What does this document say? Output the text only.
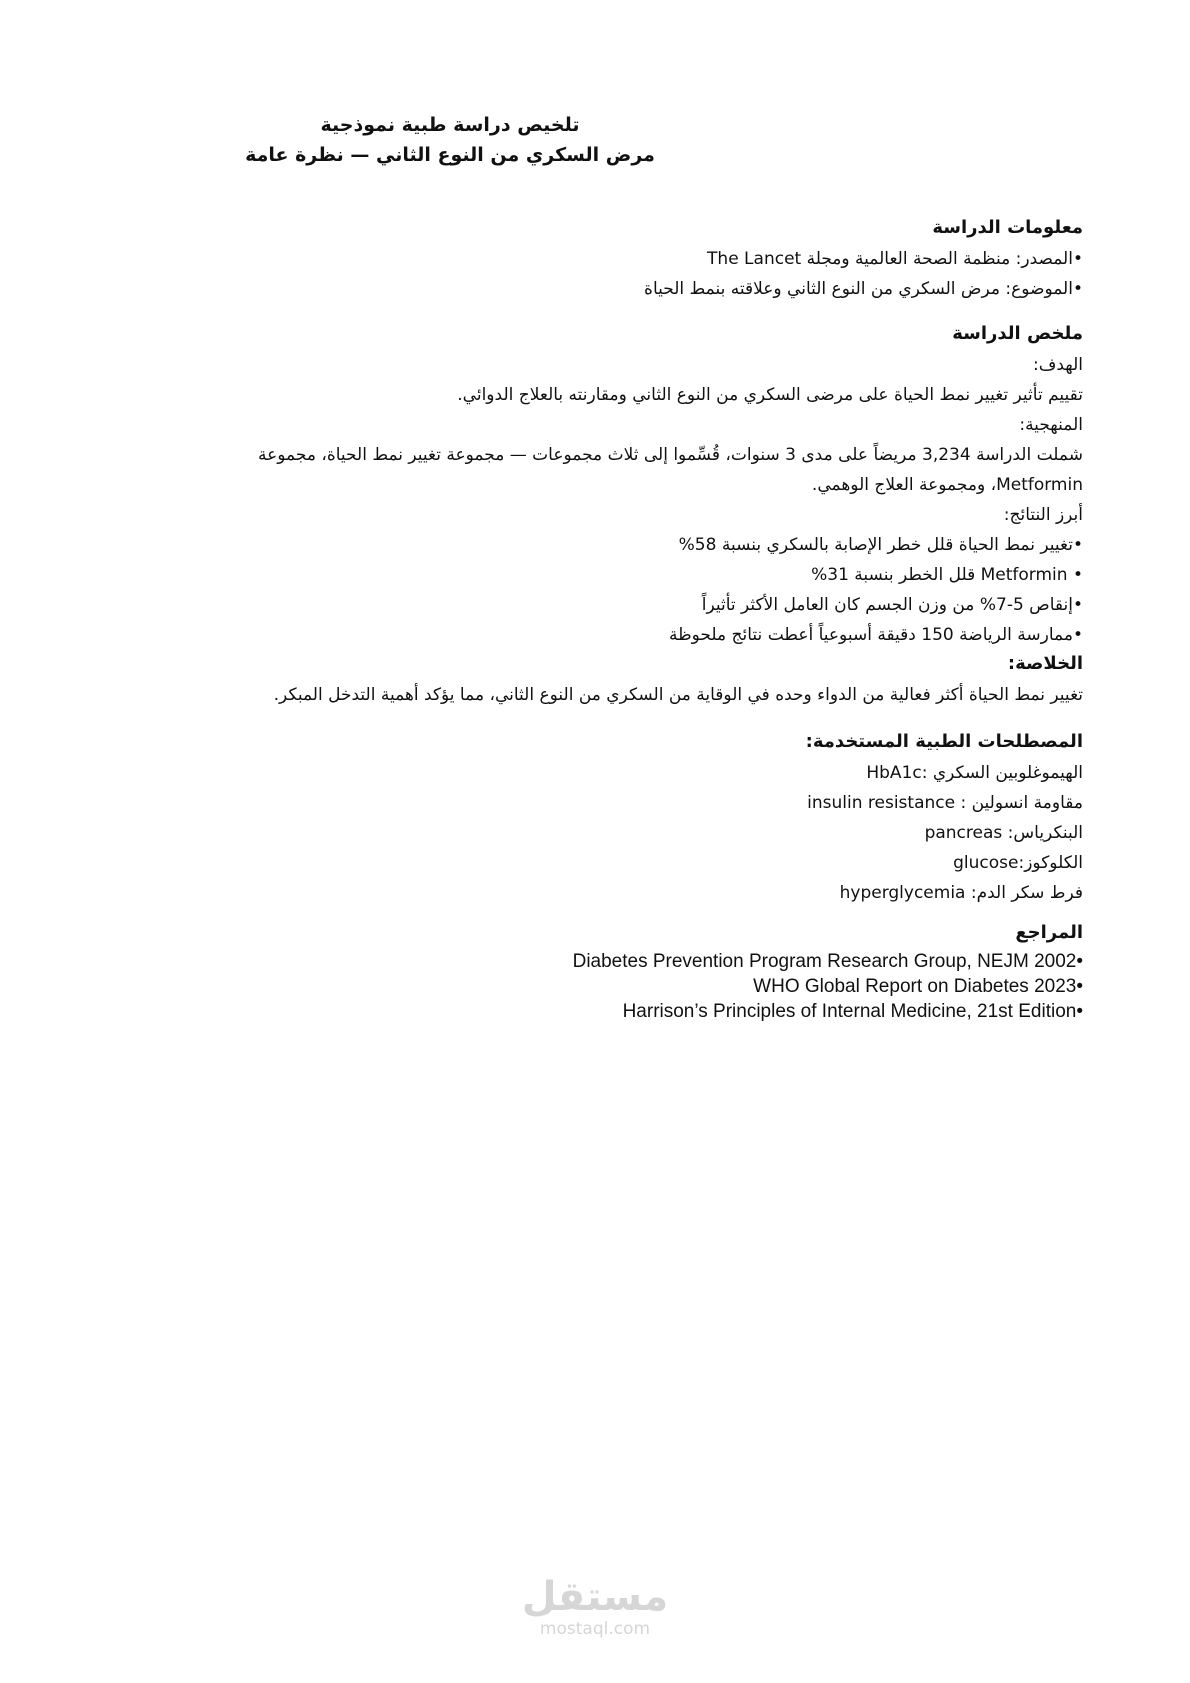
تلخيص دراسة طبية نموذجية
مرض السكري من النوع الثاني — نظرة عامة
معلومات الدراسة
•المصدر: منظمة الصحة العالمية ومجلة The Lancet
•الموضوع: مرض السكري من النوع الثاني وعلاقته بنمط الحياة
ملخص الدراسة
الهدف:
تقييم تأثير تغيير نمط الحياة على مرضى السكري من النوع الثاني ومقارنته بالعلاج الدوائي.
المنهجية:
شملت الدراسة 3,234 مريضاً على مدى 3 سنوات، قُسِّموا إلى ثلاث مجموعات — مجموعة تغيير نمط الحياة، مجموعة
Metformin، ومجموعة العلاج الوهمي.
أبرز النتائج:
•تغيير نمط الحياة قلل خطر الإصابة بالسكري بنسبة 58%
• Metformin قلل الخطر بنسبة 31%
•إنقاص 5-7% من وزن الجسم كان العامل الأكثر تأثيراً
•ممارسة الرياضة 150 دقيقة أسبوعياً أعطت نتائج ملحوظة
الخلاصة:
تغيير نمط الحياة أكثر فعالية من الدواء وحده في الوقاية من السكري من النوع الثاني، مما يؤكد أهمية التدخل المبكر.
المصطلحات الطبية المستخدمة:
الهيموغلوبين السكري :HbA1c
مقاومة انسولين : insulin resistance
البنكرياس: pancreas
الكلوكوز:glucose
فرط سكر الدم: hyperglycemia
المراجع
Diabetes Prevention Program Research Group, NEJM 2002•
WHO Global Report on Diabetes 2023•
Harrison’s Principles of Internal Medicine, 21st Edition•
مستقل
mostaql.com
